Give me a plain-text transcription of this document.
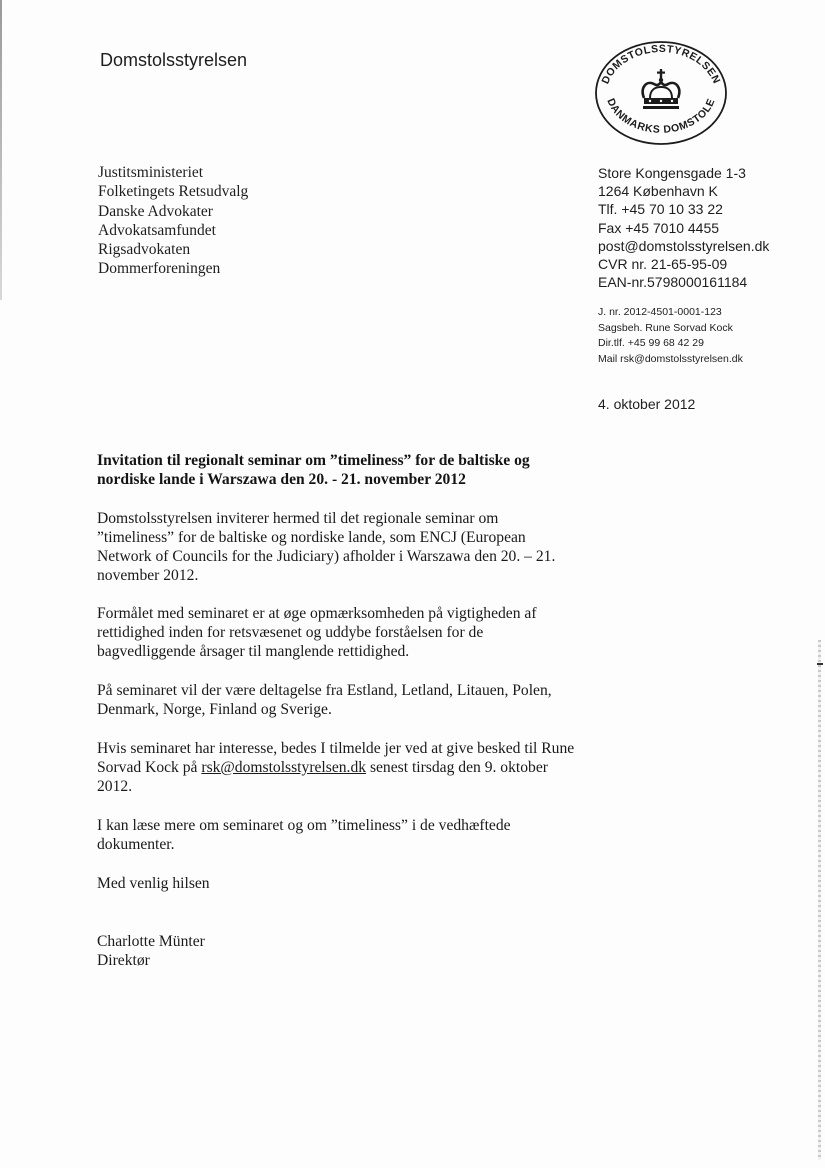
Domstolsstyrelsen
DOMSTOLSSTYRELSEN
DANMARKS DOMSTOLE
Justitsministeriet
Folketingets Retsudvalg
Danske Advokater
Advokatsamfundet
Rigsadvokaten
Dommerforeningen
Store Kongensgade 1-3
1264 København K
Tlf. +45 70 10 33 22
Fax +45 7010 4455
post@domstolsstyrelsen.dk
CVR nr. 21-65-95-09
EAN-nr.5798000161184
J. nr. 2012-4501-0001-123
Sagsbeh. Rune Sorvad Kock
Dir.tlf. +45 99 68 42 29
Mail rsk@domstolsstyrelsen.dk
4. oktober 2012
Invitation til regionalt seminar om ”timeliness” for de baltiske og
nordiske lande i Warszawa den 20. - 21. november 2012
Domstolsstyrelsen inviterer hermed til det regionale seminar om
”timeliness” for de baltiske og nordiske lande, som ENCJ (European
Network of Councils for the Judiciary) afholder i Warszawa den 20. – 21.
november 2012.
Formålet med seminaret er at øge opmærksomheden på vigtigheden af
rettidighed inden for retsvæsenet og uddybe forståelsen for de
bagvedliggende årsager til manglende rettidighed.
På seminaret vil der være deltagelse fra Estland, Letland, Litauen, Polen,
Denmark, Norge, Finland og Sverige.
Hvis seminaret har interesse, bedes I tilmelde jer ved at give besked til Rune
Sorvad Kock på rsk@domstolsstyrelsen.dk senest tirsdag den 9. oktober
2012.
I kan læse mere om seminaret og om ”timeliness” i de vedhæftede
dokumenter.
Med venlig hilsen
Charlotte Münter
Direktør
